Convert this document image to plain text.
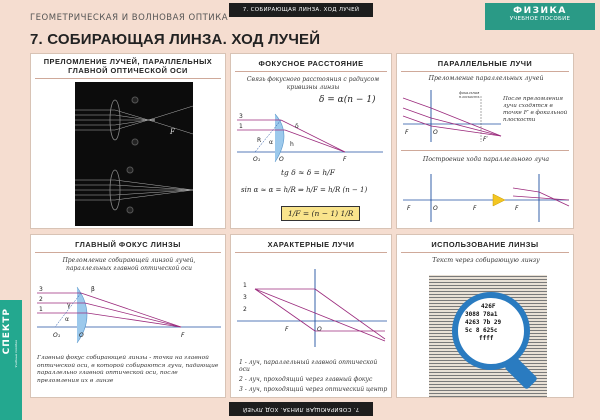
ГЕОМЕТРИЧЕСКАЯ И ВОЛНОВАЯ ОПТИКА
7. СОБИРАЮЩАЯ ЛИНЗА. ХОД ЛУЧЕЙ	ФИЗИКА
УЧЕБНОЕ ПОСОБИЕ
7. СОБИРАЮЩАЯ ЛИНЗА. ХОД ЛУЧЕЙ
ПРЕЛОМЛЕНИЕ ЛУЧЕЙ, ПАРАЛЛЕЛЬНЫХ
ГЛАВНОЙ ОПТИЧЕСКОЙ ОСИ
F
ФОКУСНОЕ РАССТОЯНИЕ
Связь фокусного расстояния с радиусом кривизны линзы
δ = α(n − 1)
3
1	δ
α
R
h
O₁	O	F
tg δ ≈ δ = h/F
sin α ≈ α = h/R ⇒ h/F = h/R (n − 1)
1/F = (n − 1) 1/R
ПАРАЛЛЕЛЬНЫЕ ЛУЧИ
Преломление параллельных лучей
F	O
F′
фокальная плоскость	После преломления лучи сходятся в точке F′ в фокальной плоскости
Построение хода параллельного луча
F	O	F	F
ГЛАВНЫЙ ФОКУС ЛИНЗЫ
Преломление собирающей линзой лучей, параллельных главной оптической оси
3
2
1
β
γ
α
O₁	O	F
Главный фокус собирающей линзы - точка на главной оптической оси, в которой собираются лучи, падающие параллельно главной оптической оси, после преломления их в линзе
ХАРАКТЕРНЫЕ ЛУЧИ
1
3
2
F	O
1 - луч, параллельный главной оптической оси
2 - луч, проходящий через главный фокус
3 - луч, проходящий через оптический центр
ИСПОЛЬЗОВАНИЕ ЛИНЗЫ
Текст через собирающую линзу
426F
3088 78a1
4263 7b 29
5c 8 625c
ffff
7. СОБИРАЮЩАЯ ЛИНЗА. ХОД ЛУЧЕЙ
СПЕКТР Учебные пособия
